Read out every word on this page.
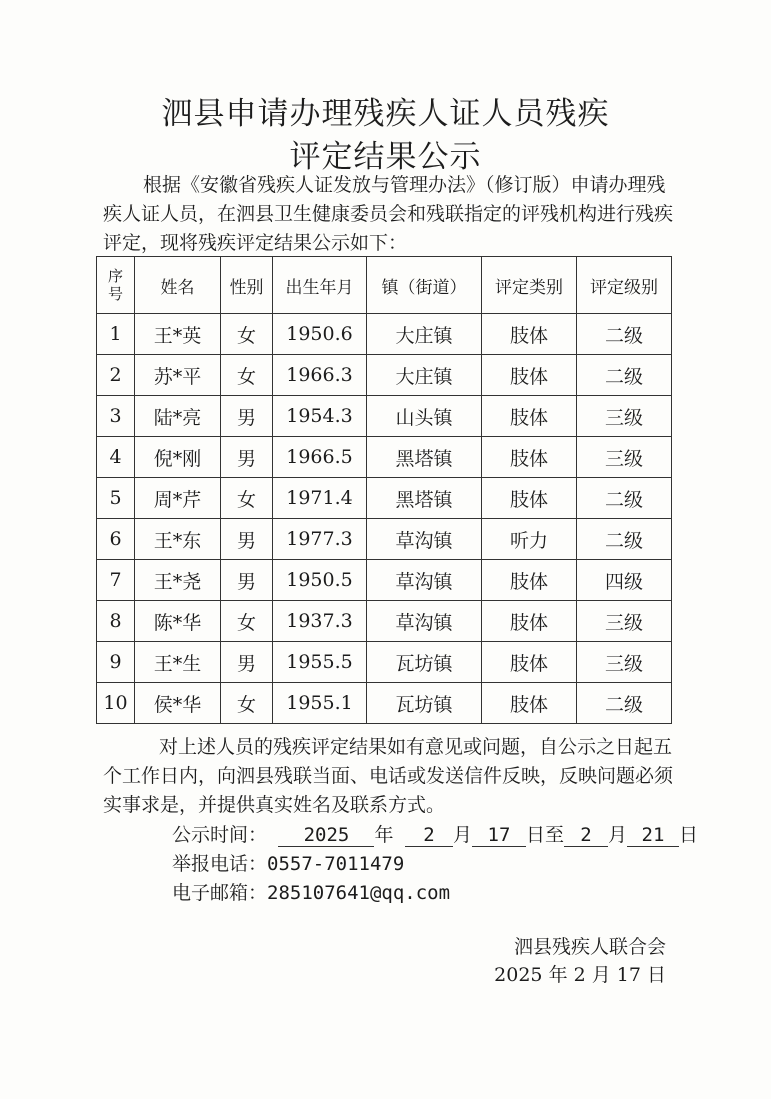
泗县申请办理残疾人证人员残疾
评定结果公示

根据《安徽省残疾人证发放与管理办法》（修订版）申请办理残疾人证人员，在泗县卫生健康委员会和残联指定的评残机构进行残疾评定，现将残疾评定结果公示如下：

序
号	姓名	性别	出生年月	镇（街道）	评定类别	评定级别
1	王*英	女	1950.6	大庄镇	肢体	二级
2	苏*平	女	1966.3	大庄镇	肢体	二级
3	陆*亮	男	1954.3	山头镇	肢体	三级
4	倪*刚	男	1966.5	黑塔镇	肢体	三级
5	周*芹	女	1971.4	黑塔镇	肢体	二级
6	王*东	男	1977.3	草沟镇	听力	二级
7	王*尧	男	1950.5	草沟镇	肢体	四级
8	陈*华	女	1937.3	草沟镇	肢体	三级
9	王*生	男	1955.5	瓦坊镇	肢体	三级
10	侯*华	女	1955.1	瓦坊镇	肢体	二级

对上述人员的残疾评定结果如有意见或问题，自公示之日起五个工作日内，向泗县残联当面、电话或发送信件反映，反映问题必须实事求是，并提供真实姓名及联系方式。

公示时间： 2025 年 2 月 17 日至 2 月 21 日

举报电话：0557-7011479

电子邮箱：285107641@qq.com

泗县残疾人联合会

2025 年 2 月 17 日
